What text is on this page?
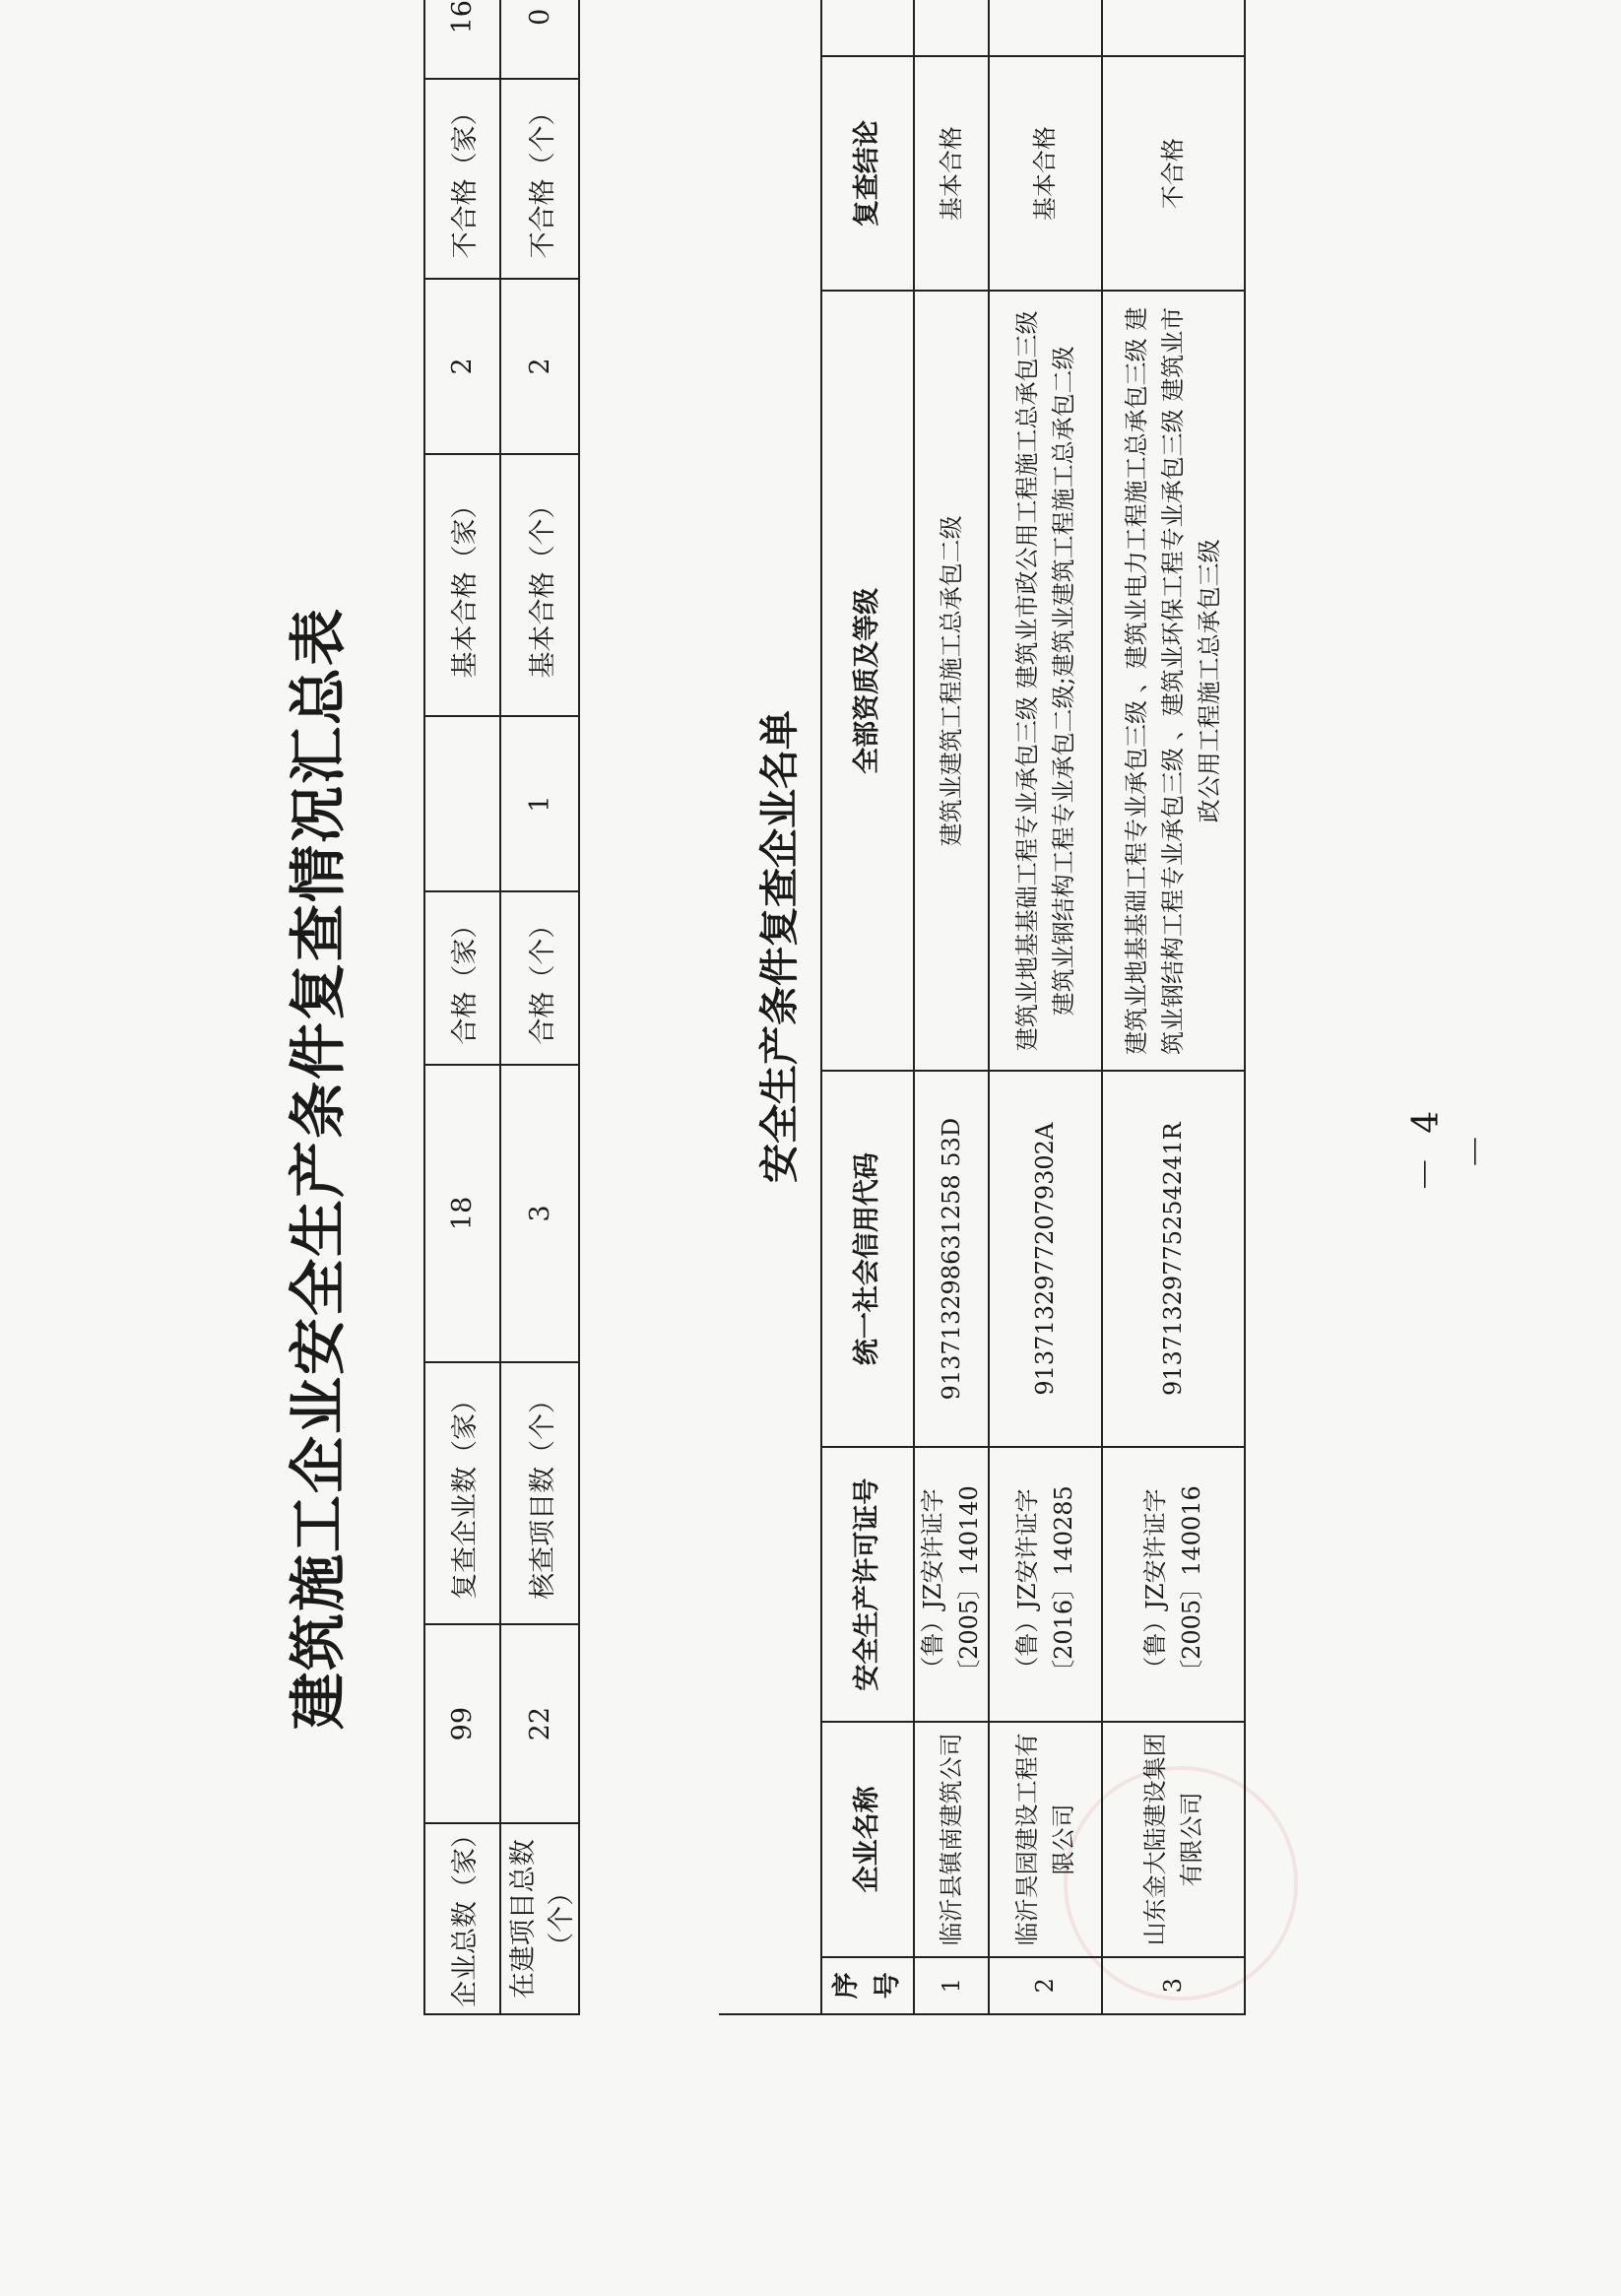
建筑施工企业安全生产条件复查情况汇总表
企业总数（家）	99	复查企业数（家）	18	合格（家）		基本合格（家）	2	不合格（家）	16	
在建项目总数（个）	22	核查项目数（个）	3	合格（个）	1	基本合格（个）	2	不合格（个）	0	
安全生产条件复查企业名单
序号	企业名称	安全生产许可证号	统一社会信用代码	全部资质及等级	复查结论	
1	临沂县镇南建筑公司	（鲁）JZ安许证字〔2005〕140140	913713298631258 53D	建筑业建筑工程施工总承包二级	基本合格	
2	临沂昊园建设工程有限公司	（鲁）JZ安许证字〔2016〕140285	91371329772079302A	建筑业地基基础工程专业承包三级 建筑业市政公用工程施工总承包三级 建筑业钢结构工程专业承包二级;建筑业建筑工程施工总承包二级	基本合格	
3	山东金大陆建设集团有限公司	（鲁）JZ安许证字〔2005〕140016	91371329775254241R	建筑业地基基础工程专业承包三级 、建筑业电力工程施工总承包三级 建筑业钢结构工程专业承包三级 、建筑业环保工程专业承包三级 建筑业市政公用工程施工总承包三级	不合格	
－ 4 －
